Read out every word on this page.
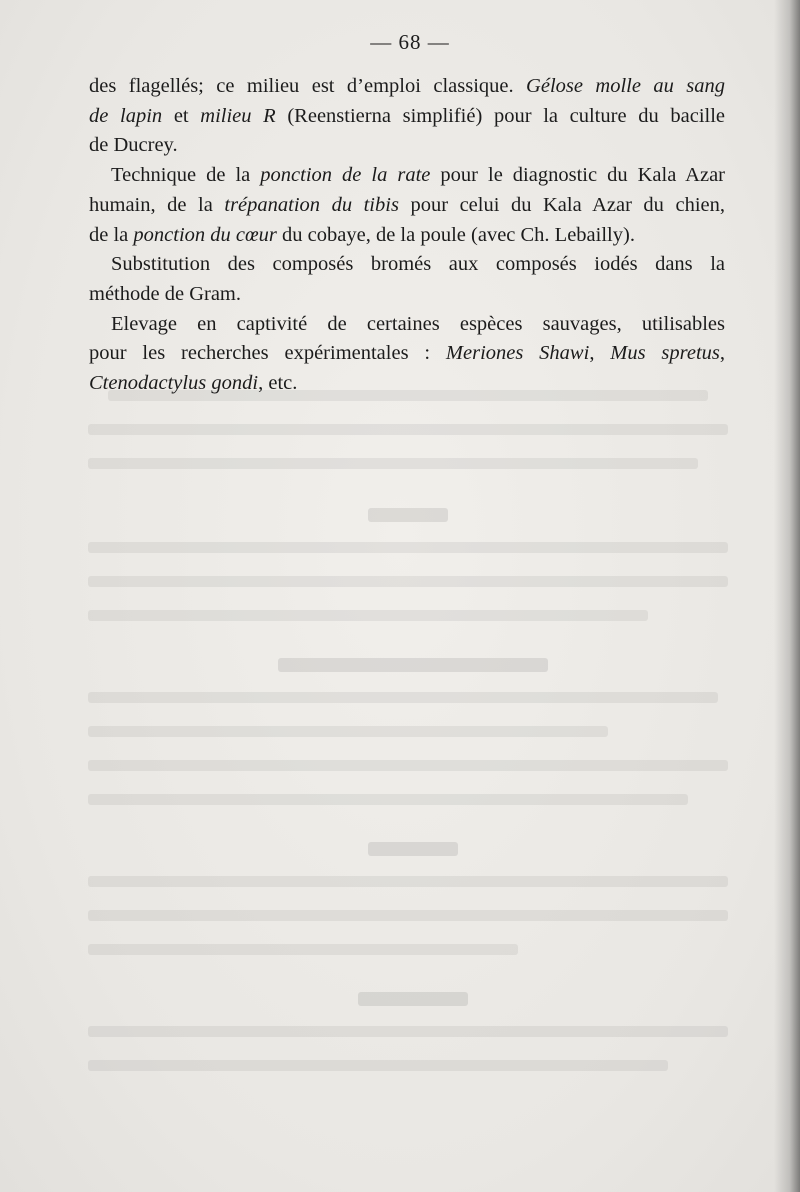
— 68 —

des flagellés; ce milieu est d’emploi classique. Gélose molle au sang
de lapin et milieu R (Reenstierna simplifié) pour la culture du bacille
de Ducrey.

Technique de la ponction de la rate pour le diagnostic du Kala Azar
humain, de la trépanation du tibis pour celui du Kala Azar du chien,
de la ponction du cœur du cobaye, de la poule (avec Ch. Lebailly).

Substitution des composés bromés aux composés iodés dans la
méthode de Gram.

Elevage en captivité de certaines espèces sauvages, utilisables
pour les recherches expérimentales : Meriones Shawi, Mus spretus,
Ctenodactylus gondi, etc.
